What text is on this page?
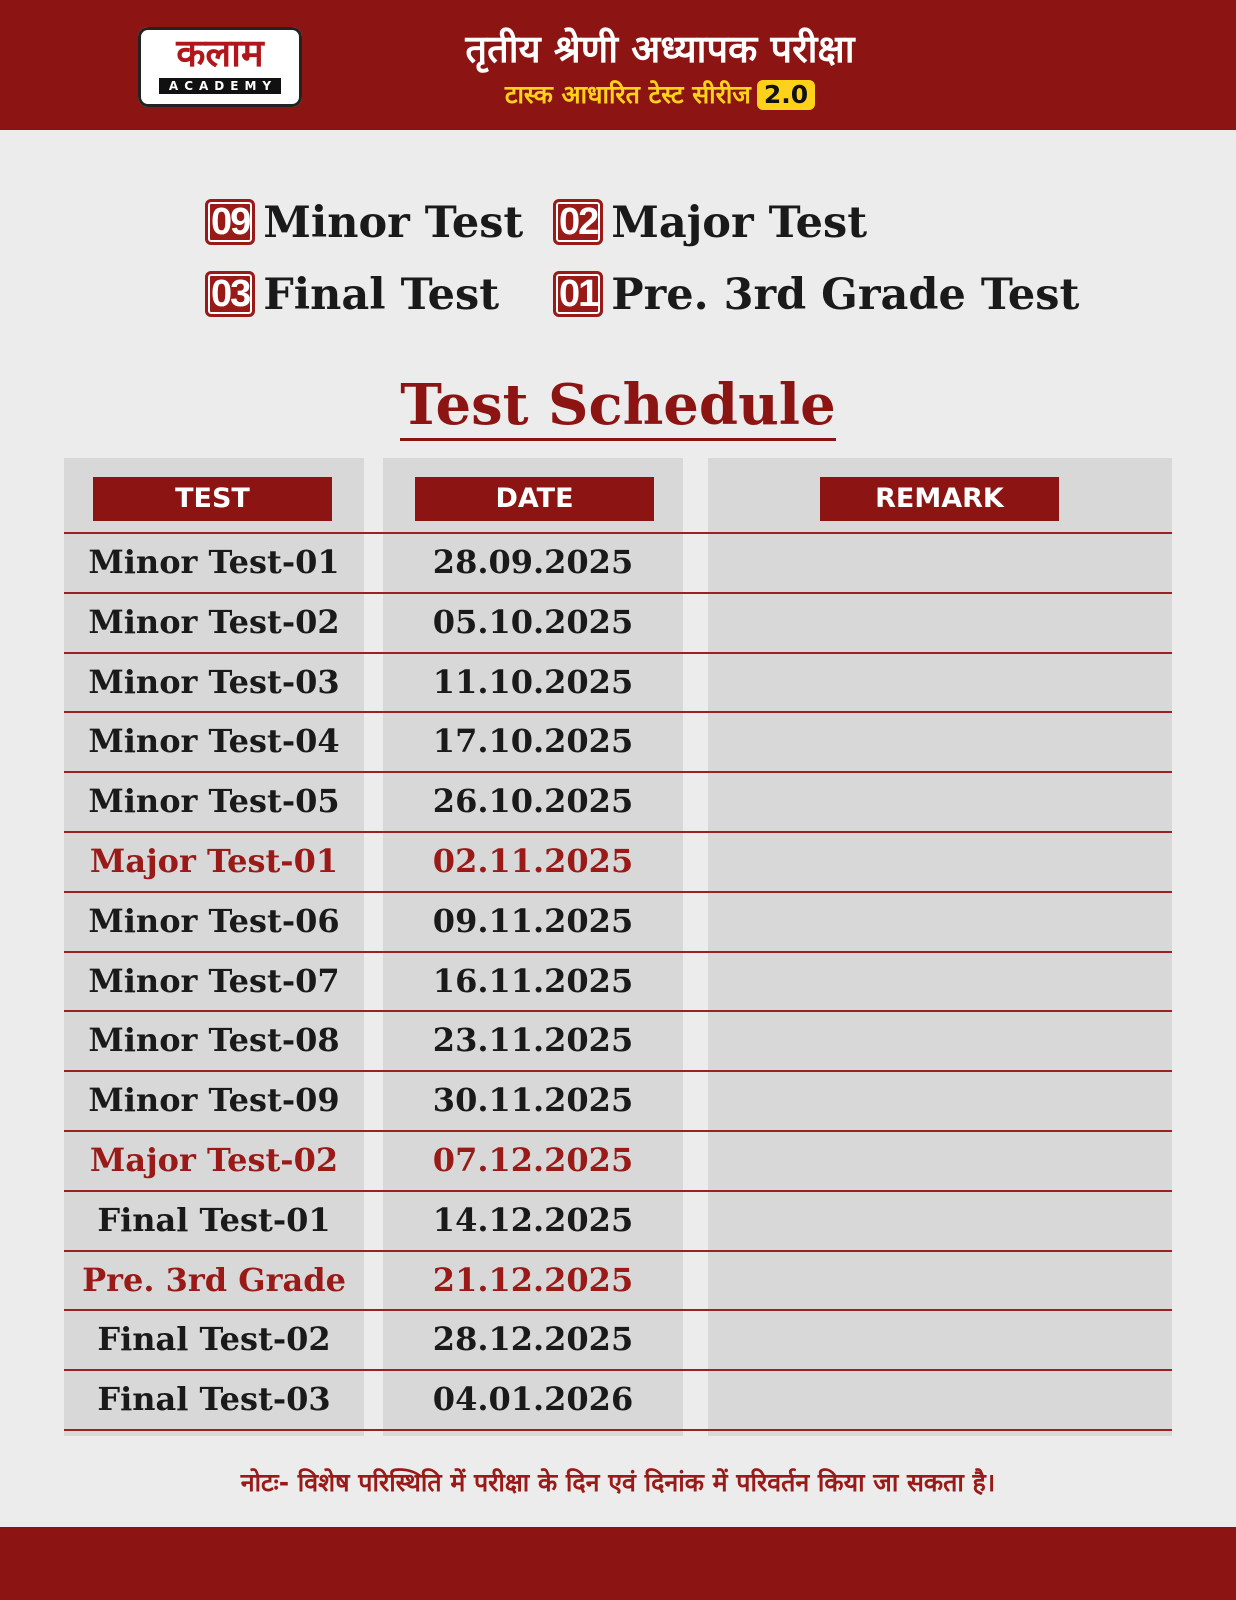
कलाम
ACADEMY
तृतीय श्रेणी अध्यापक परीक्षा
टास्क आधारित टेस्ट सीरीज 2.0
09 Minor Test 02 Major Test
03 Final Test 01 Pre. 3rd Grade Test
Test Schedule
TEST	DATE	REMARK
Minor Test-01	28.09.2025
Minor Test-02	05.10.2025
Minor Test-03	11.10.2025
Minor Test-04	17.10.2025
Minor Test-05	26.10.2025
Major Test-01	02.11.2025
Minor Test-06	09.11.2025
Minor Test-07	16.11.2025
Minor Test-08	23.11.2025
Minor Test-09	30.11.2025
Major Test-02	07.12.2025
Final Test-01	14.12.2025
Pre. 3rd Grade	21.12.2025
Final Test-02	28.12.2025
Final Test-03	04.01.2026
नोटः- विशेष परिस्थिति में परीक्षा के दिन एवं दिनांक में परिवर्तन किया जा सकता है।
